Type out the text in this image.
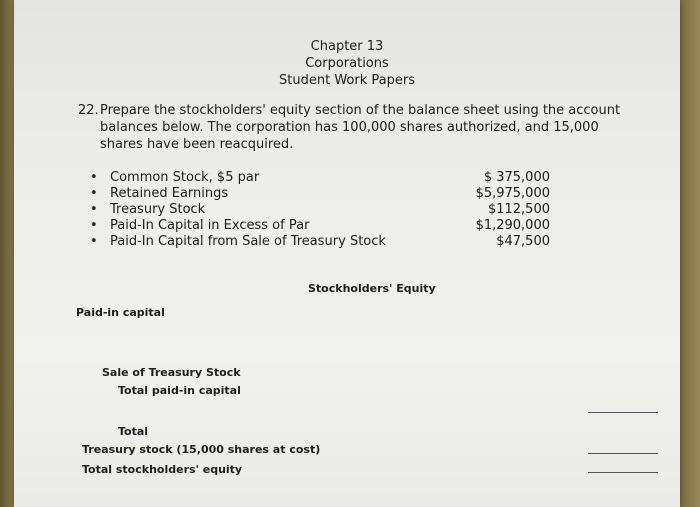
Chapter 13
Corporations
Student Work Papers
22. Prepare the stockholders' equity section of the balance sheet using the account balances below. The corporation has 100,000 shares authorized, and 15,000 shares have been reacquired.
• Common Stock, $5 par	$ 375,000
• Retained Earnings	$5,975,000
• Treasury Stock	$112,500
• Paid-In Capital in Excess of Par	$1,290,000
• Paid-In Capital from Sale of Treasury Stock	$47,500
Stockholders' Equity
Paid-in capital
Sale of Treasury Stock
Total paid-in capital
Total
Treasury stock (15,000 shares at cost)
Total stockholders' equity
